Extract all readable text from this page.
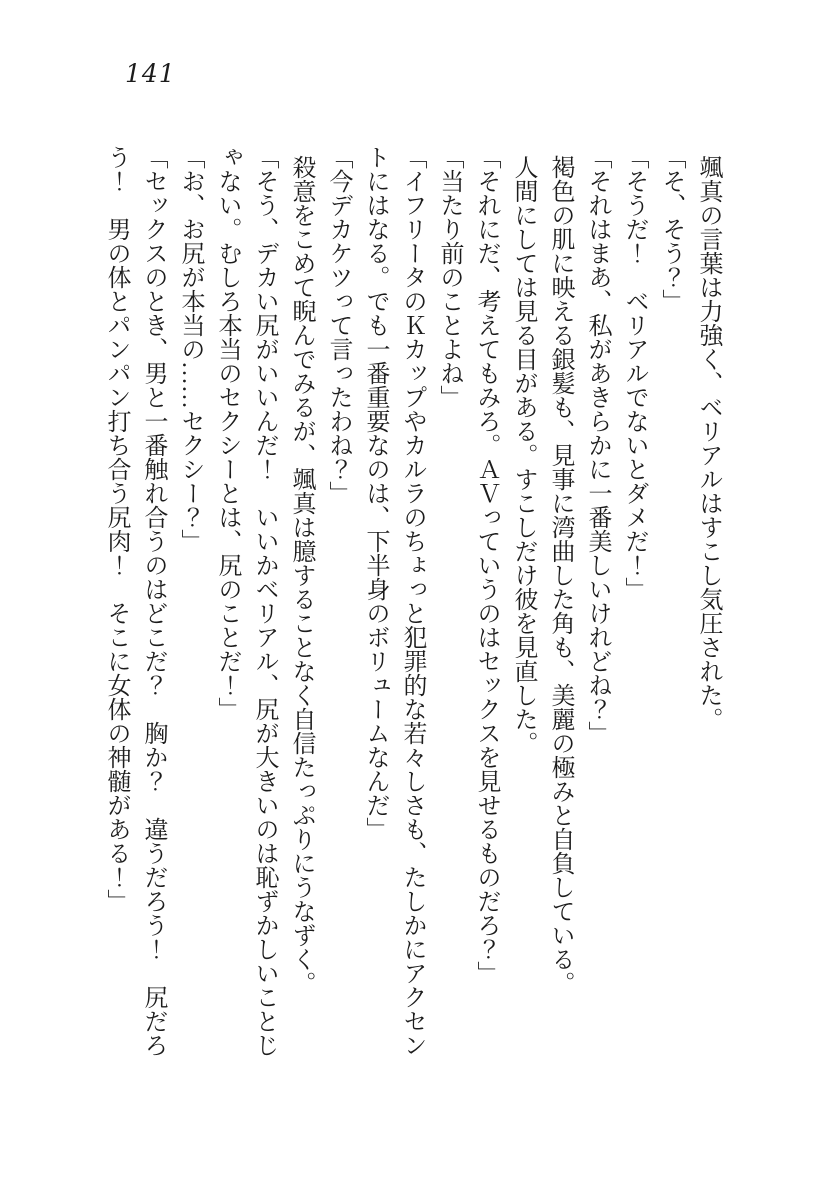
141

颯真の言葉は力強く、ベリアルはすこし気圧された。

「そ、そう？」

「そうだ！　ベリアルでないとダメだ！」

「それはまあ、私があきらかに一番美しいけれどね？」

褐色の肌に映える銀髪も、見事に湾曲した角も、美麗の極みと自負している。

人間にしては見る目がある。すこしだけ彼を見直した。

「それにだ、考えてもみろ。ＡＶっていうのはセックスを見せるものだろ？」

「当たり前のことよね」

「イフリータのＫカップやカルラのちょっと犯罪的な若々しさも、たしかにアクセン

トにはなる。でも一番重要なのは、下半身のボリュームなんだ」

「今デカケツって言ったわね？」

殺意をこめて睨んでみるが、颯真は臆することなく自信たっぷりにうなずく。

「そう、デカい尻がいいんだ！　いいかベリアル、尻が大きいのは恥ずかしいことじ

ゃない。むしろ本当のセクシーとは、尻のことだ！」

「お、お尻が本当の……セクシー？」

「セックスのとき、男と一番触れ合うのはどこだ？　胸か？　違うだろう！　尻だろ

う！　男の体とパンパン打ち合う尻肉！　そこに女体の神髄がある！」
